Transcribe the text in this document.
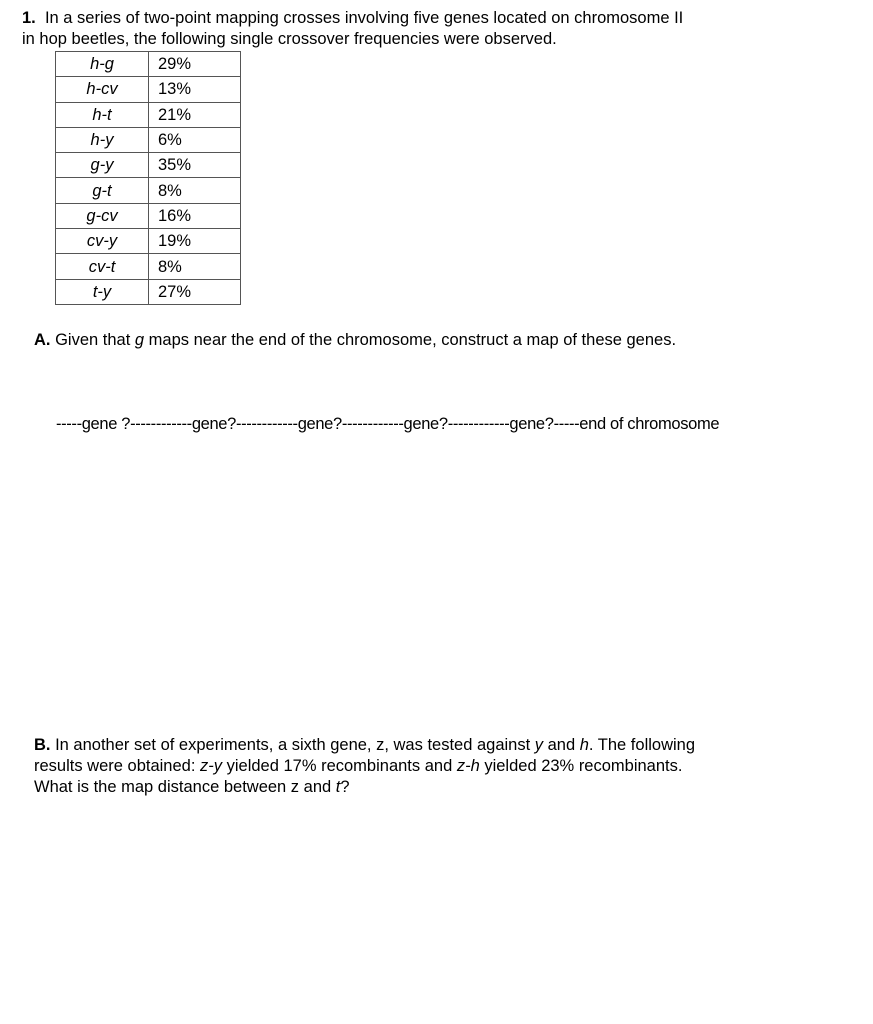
1. In a series of two-point mapping crosses involving five genes located on chromosome II
in hop beetles, the following single crossover frequencies were observed.

h-g	29%
h-cv	13%
h-t	21%
h-y	6%
g-y	35%
g-t	8%
g-cv	16%
cv-y	19%
cv-t	8%
t-y	27%

A. Given that g maps near the end of the chromosome, construct a map of these genes.

-----gene ?------------gene?------------gene?------------gene?------------gene?-----end of chromosome

B. In another set of experiments, a sixth gene, z, was tested against y and h. The following
results were obtained: z-y yielded 17% recombinants and z-h yielded 23% recombinants.
What is the map distance between z and t?
